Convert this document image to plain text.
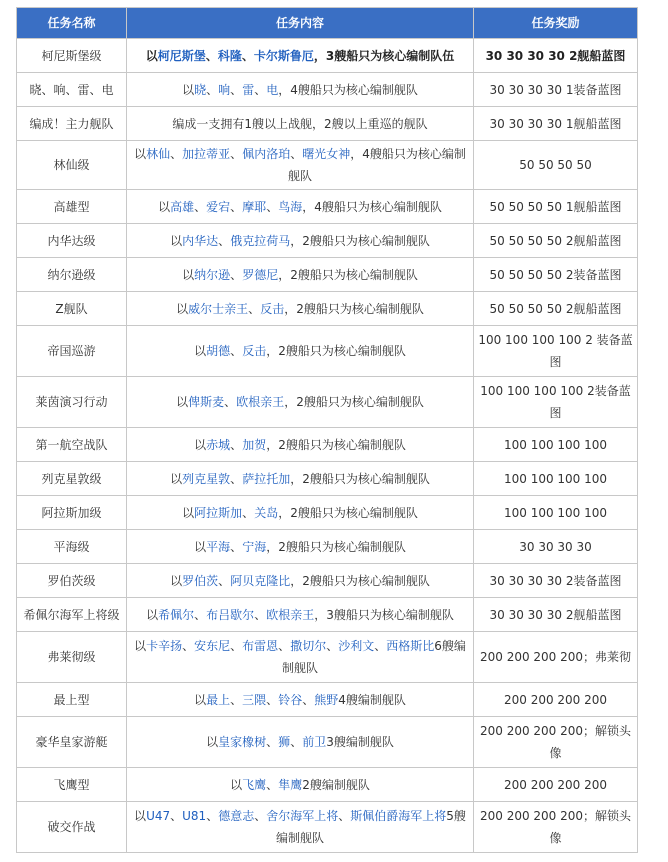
任务名称	任务内容	任务奖励
柯尼斯堡级	以柯尼斯堡、科隆、卡尔斯鲁厄，3艘船只为核心编制队伍	30 30 30 30 2舰船蓝图
晓、响、雷、电	以晓、响、雷、电，4艘船只为核心编制舰队	30 30 30 30 1装备蓝图
编成！主力舰队	编成一支拥有1艘以上战舰，2艘以上重巡的舰队	30 30 30 30 1舰船蓝图
林仙级	以林仙、加拉蒂亚、佩内洛珀、曙光女神，4艘船只为核心编制舰队	50 50 50 50
高雄型	以高雄、爱宕、摩耶、鸟海，4艘船只为核心编制舰队	50 50 50 50 1舰船蓝图
内华达级	以内华达、俄克拉荷马，2艘船只为核心编制舰队	50 50 50 50 2舰船蓝图
纳尔逊级	以纳尔逊、罗德尼，2艘船只为核心编制舰队	50 50 50 50 2装备蓝图
Z舰队	以威尔士亲王、反击，2艘船只为核心编制舰队	50 50 50 50 2舰船蓝图
帝国巡游	以胡德、反击，2艘船只为核心编制舰队	100 100 100 100 2 装备蓝图
莱茵演习行动	以俾斯麦、欧根亲王，2艘船只为核心编制舰队	100 100 100 100 2装备蓝图
第一航空战队	以赤城、加贺，2艘船只为核心编制舰队	100 100 100 100
列克星敦级	以列克星敦、萨拉托加，2艘船只为核心编制舰队	100 100 100 100
阿拉斯加级	以阿拉斯加、关岛，2艘船只为核心编制舰队	100 100 100 100
平海级	以平海、宁海，2艘船只为核心编制舰队	30 30 30 30
罗伯茨级	以罗伯茨、阿贝克隆比，2艘船只为核心编制舰队	30 30 30 30 2装备蓝图
希佩尔海军上将级	以希佩尔、布吕歇尔、欧根亲王，3艘船只为核心编制舰队	30 30 30 30 2舰船蓝图
弗莱彻级	以卡辛扬、安东尼、布雷恩、撒切尔、沙利文、西格斯比6艘编制舰队	200 200 200 200；弗莱彻
最上型	以最上、三隈、铃谷、熊野4艘编制舰队	200 200 200 200
豪华皇家游艇	以皇家橡树、狮、前卫3艘编制舰队	200 200 200 200；解锁头像
飞鹰型	以飞鹰、隼鹰2艘编制舰队	200 200 200 200
破交作战	以U47、U81、德意志、舍尔海军上将、斯佩伯爵海军上将5艘编制舰队	200 200 200 200；解锁头像
